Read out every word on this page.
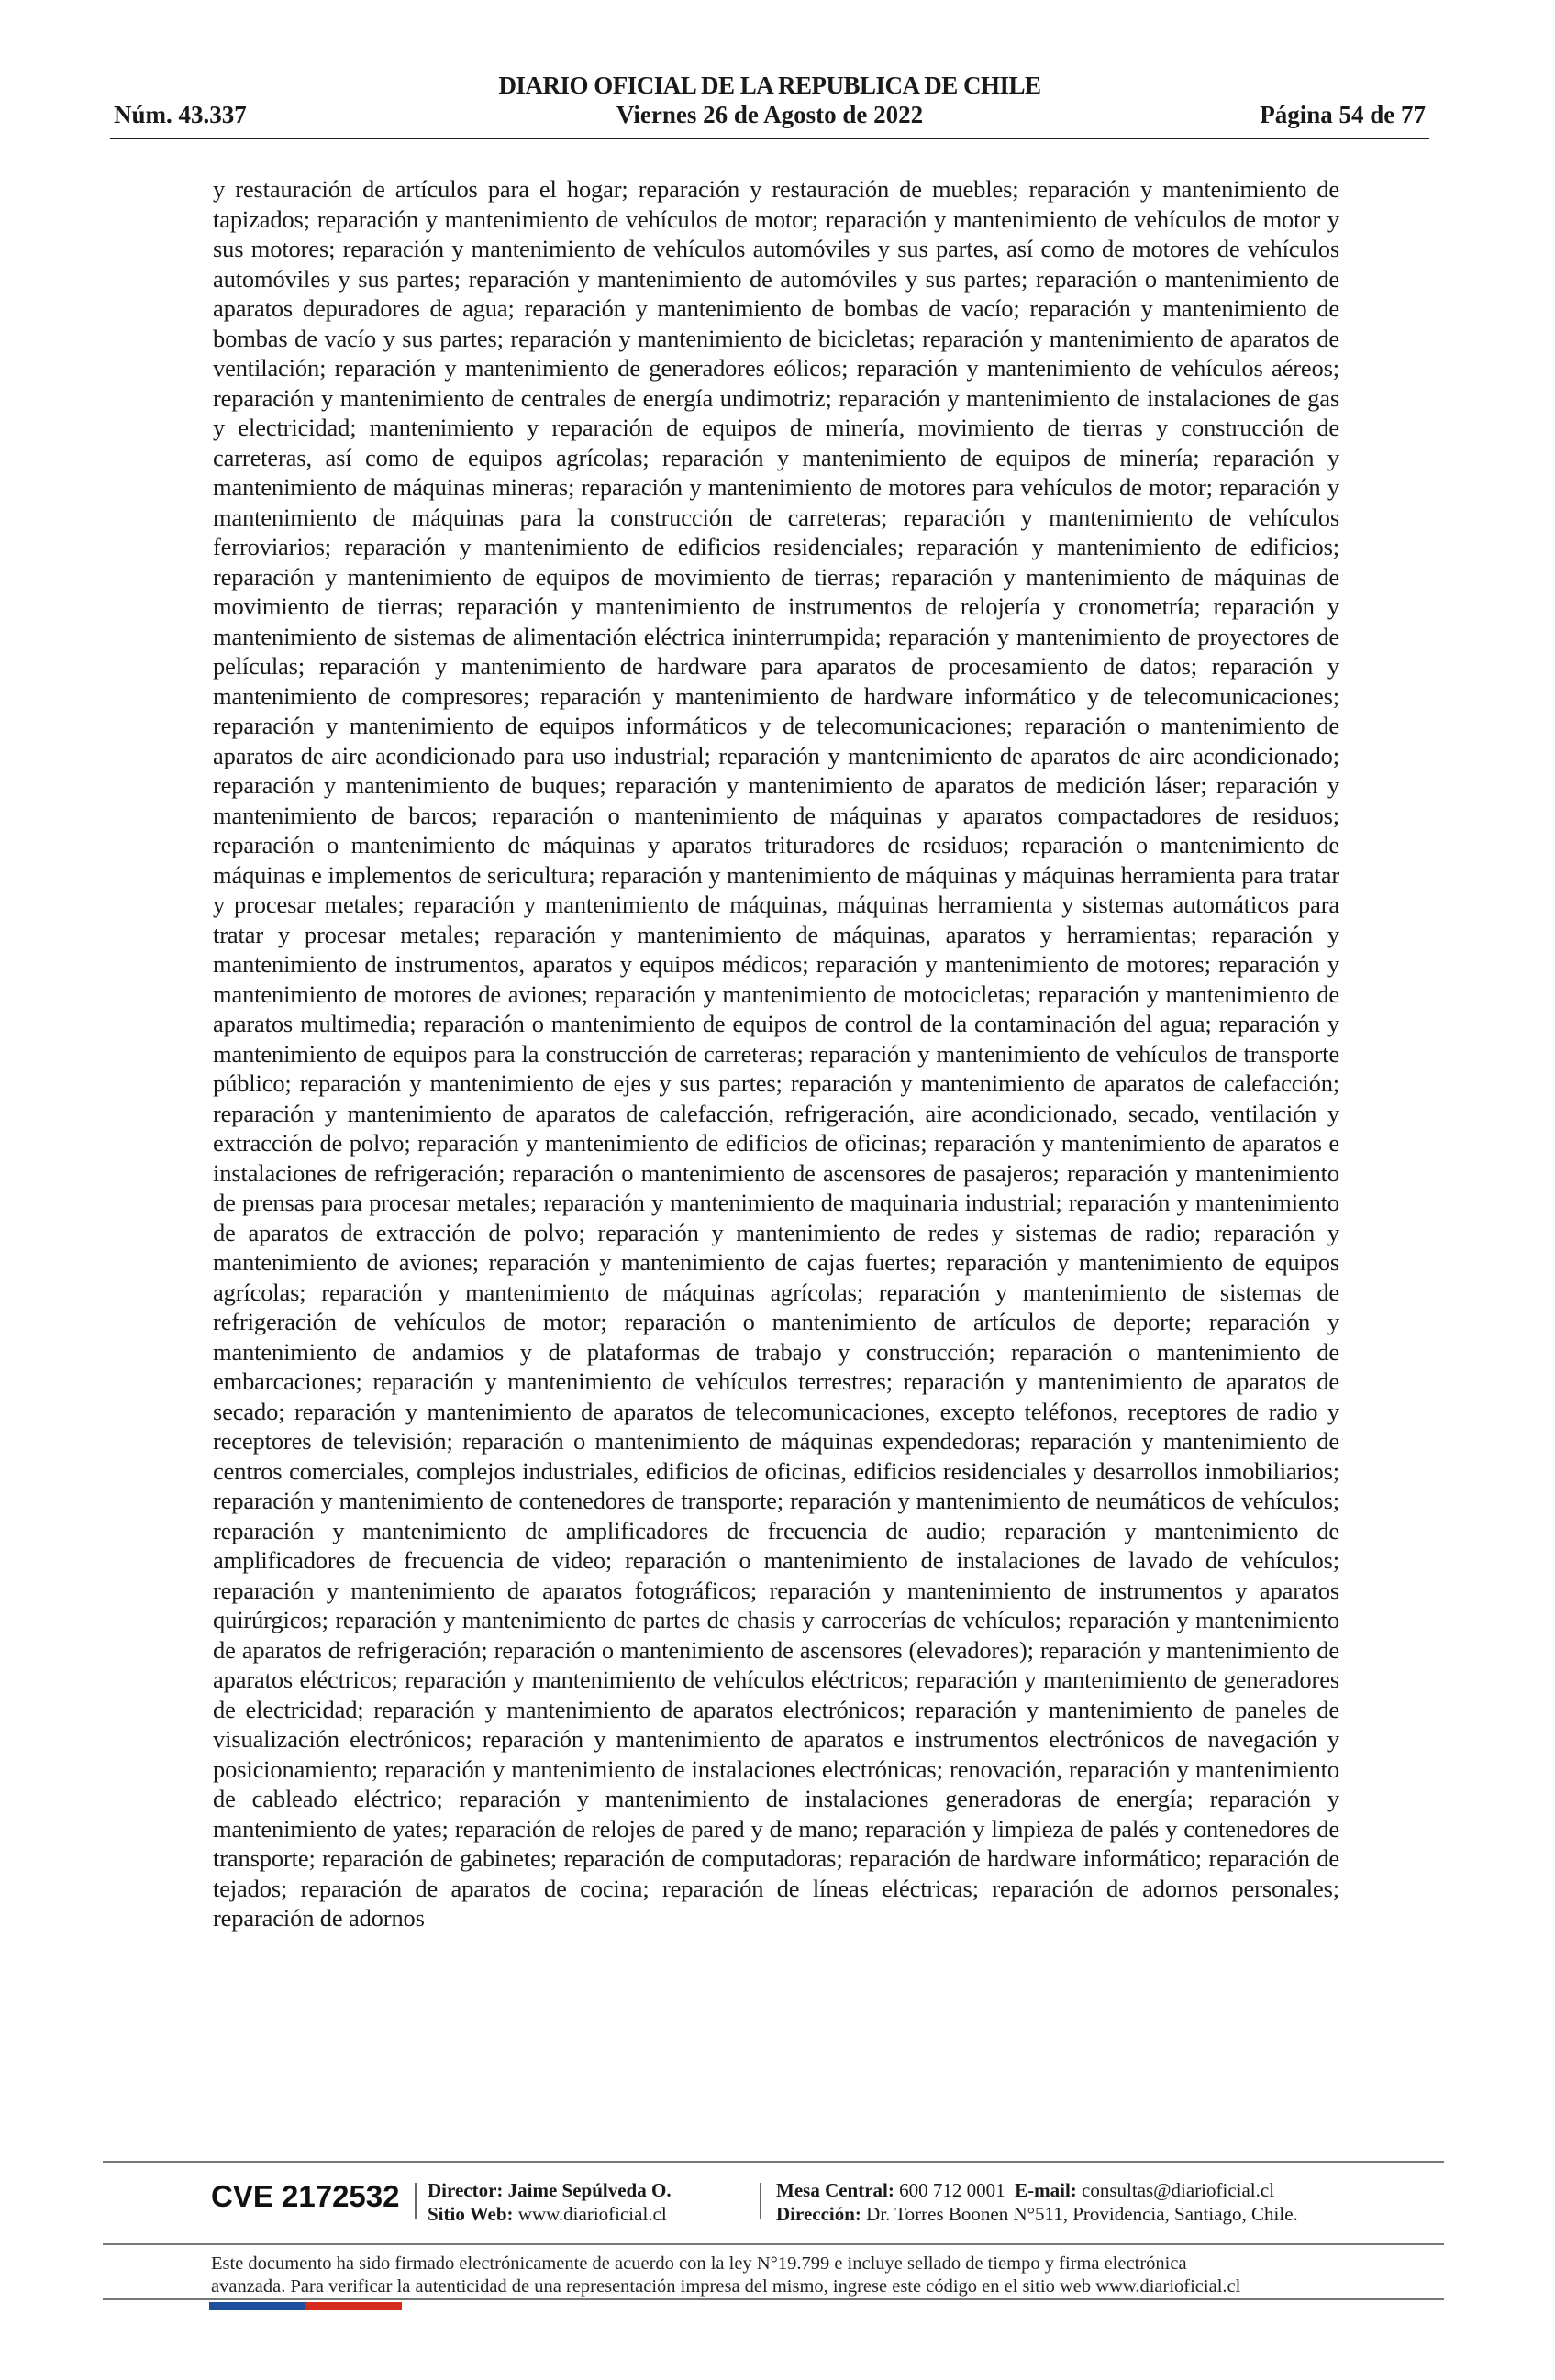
DIARIO OFICIAL DE LA REPUBLICA DE CHILE
Núm. 43.337	Viernes 26 de Agosto de 2022	Página 54 de 77
y restauración de artículos para el hogar; reparación y restauración de muebles; reparación y mantenimiento de tapizados; reparación y mantenimiento de vehículos de motor; reparación y mantenimiento de vehículos de motor y sus motores; reparación y mantenimiento de vehículos automóviles y sus partes, así como de motores de vehículos automóviles y sus partes; reparación y mantenimiento de automóviles y sus partes; reparación o mantenimiento de aparatos depuradores de agua; reparación y mantenimiento de bombas de vacío; reparación y mantenimiento de bombas de vacío y sus partes; reparación y mantenimiento de bicicletas; reparación y mantenimiento de aparatos de ventilación; reparación y mantenimiento de generadores eólicos; reparación y mantenimiento de vehículos aéreos; reparación y mantenimiento de centrales de energía undimotriz; reparación y mantenimiento de instalaciones de gas y electricidad; mantenimiento y reparación de equipos de minería, movimiento de tierras y construcción de carreteras, así como de equipos agrícolas; reparación y mantenimiento de equipos de minería; reparación y mantenimiento de máquinas mineras; reparación y mantenimiento de motores para vehículos de motor; reparación y mantenimiento de máquinas para la construcción de carreteras; reparación y mantenimiento de vehículos ferroviarios; reparación y mantenimiento de edificios residenciales; reparación y mantenimiento de edificios; reparación y mantenimiento de equipos de movimiento de tierras; reparación y mantenimiento de máquinas de movimiento de tierras; reparación y mantenimiento de instrumentos de relojería y cronometría; reparación y mantenimiento de sistemas de alimentación eléctrica ininterrumpida; reparación y mantenimiento de proyectores de películas; reparación y mantenimiento de hardware para aparatos de procesamiento de datos; reparación y mantenimiento de compresores; reparación y mantenimiento de hardware informático y de telecomunicaciones; reparación y mantenimiento de equipos informáticos y de telecomunicaciones; reparación o mantenimiento de aparatos de aire acondicionado para uso industrial; reparación y mantenimiento de aparatos de aire acondicionado; reparación y mantenimiento de buques; reparación y mantenimiento de aparatos de medición láser; reparación y mantenimiento de barcos; reparación o mantenimiento de máquinas y aparatos compactadores de residuos; reparación o mantenimiento de máquinas y aparatos trituradores de residuos; reparación o mantenimiento de máquinas e implementos de sericultura; reparación y mantenimiento de máquinas y máquinas herramienta para tratar y procesar metales; reparación y mantenimiento de máquinas, máquinas herramienta y sistemas automáticos para tratar y procesar metales; reparación y mantenimiento de máquinas, aparatos y herramientas; reparación y mantenimiento de instrumentos, aparatos y equipos médicos; reparación y mantenimiento de motores; reparación y mantenimiento de motores de aviones; reparación y mantenimiento de motocicletas; reparación y mantenimiento de aparatos multimedia; reparación o mantenimiento de equipos de control de la contaminación del agua; reparación y mantenimiento de equipos para la construcción de carreteras; reparación y mantenimiento de vehículos de transporte público; reparación y mantenimiento de ejes y sus partes; reparación y mantenimiento de aparatos de calefacción; reparación y mantenimiento de aparatos de calefacción, refrigeración, aire acondicionado, secado, ventilación y extracción de polvo; reparación y mantenimiento de edificios de oficinas; reparación y mantenimiento de aparatos e instalaciones de refrigeración; reparación o mantenimiento de ascensores de pasajeros; reparación y mantenimiento de prensas para procesar metales; reparación y mantenimiento de maquinaria industrial; reparación y mantenimiento de aparatos de extracción de polvo; reparación y mantenimiento de redes y sistemas de radio; reparación y mantenimiento de aviones; reparación y mantenimiento de cajas fuertes; reparación y mantenimiento de equipos agrícolas; reparación y mantenimiento de máquinas agrícolas; reparación y mantenimiento de sistemas de refrigeración de vehículos de motor; reparación o mantenimiento de artículos de deporte; reparación y mantenimiento de andamios y de plataformas de trabajo y construcción; reparación o mantenimiento de embarcaciones; reparación y mantenimiento de vehículos terrestres; reparación y mantenimiento de aparatos de secado; reparación y mantenimiento de aparatos de telecomunicaciones, excepto teléfonos, receptores de radio y receptores de televisión; reparación o mantenimiento de máquinas expendedoras; reparación y mantenimiento de centros comerciales, complejos industriales, edificios de oficinas, edificios residenciales y desarrollos inmobiliarios; reparación y mantenimiento de contenedores de transporte; reparación y mantenimiento de neumáticos de vehículos; reparación y mantenimiento de amplificadores de frecuencia de audio; reparación y mantenimiento de amplificadores de frecuencia de video; reparación o mantenimiento de instalaciones de lavado de vehículos; reparación y mantenimiento de aparatos fotográficos; reparación y mantenimiento de instrumentos y aparatos quirúrgicos; reparación y mantenimiento de partes de chasis y carrocerías de vehículos; reparación y mantenimiento de aparatos de refrigeración; reparación o mantenimiento de ascensores (elevadores); reparación y mantenimiento de aparatos eléctricos; reparación y mantenimiento de vehículos eléctricos; reparación y mantenimiento de generadores de electricidad; reparación y mantenimiento de aparatos electrónicos; reparación y mantenimiento de paneles de visualización electrónicos; reparación y mantenimiento de aparatos e instrumentos electrónicos de navegación y posicionamiento; reparación y mantenimiento de instalaciones electrónicas; renovación, reparación y mantenimiento de cableado eléctrico; reparación y mantenimiento de instalaciones generadoras de energía; reparación y mantenimiento de yates; reparación de relojes de pared y de mano; reparación y limpieza de palés y contenedores de transporte; reparación de gabinetes; reparación de computadoras; reparación de hardware informático; reparación de tejados; reparación de aparatos de cocina; reparación de líneas eléctricas; reparación de adornos personales; reparación de adornos
CVE 2172532 Director: Jaime Sepúlveda O.
Sitio Web: www.diarioficial.cl
Mesa Central: 600 712 0001 E-mail: consultas@diarioficial.cl
Dirección: Dr. Torres Boonen N°511, Providencia, Santiago, Chile.
Este documento ha sido firmado electrónicamente de acuerdo con la ley N°19.799 e incluye sellado de tiempo y firma electrónica
avanzada. Para verificar la autenticidad de una representación impresa del mismo, ingrese este código en el sitio web www.diarioficial.cl
